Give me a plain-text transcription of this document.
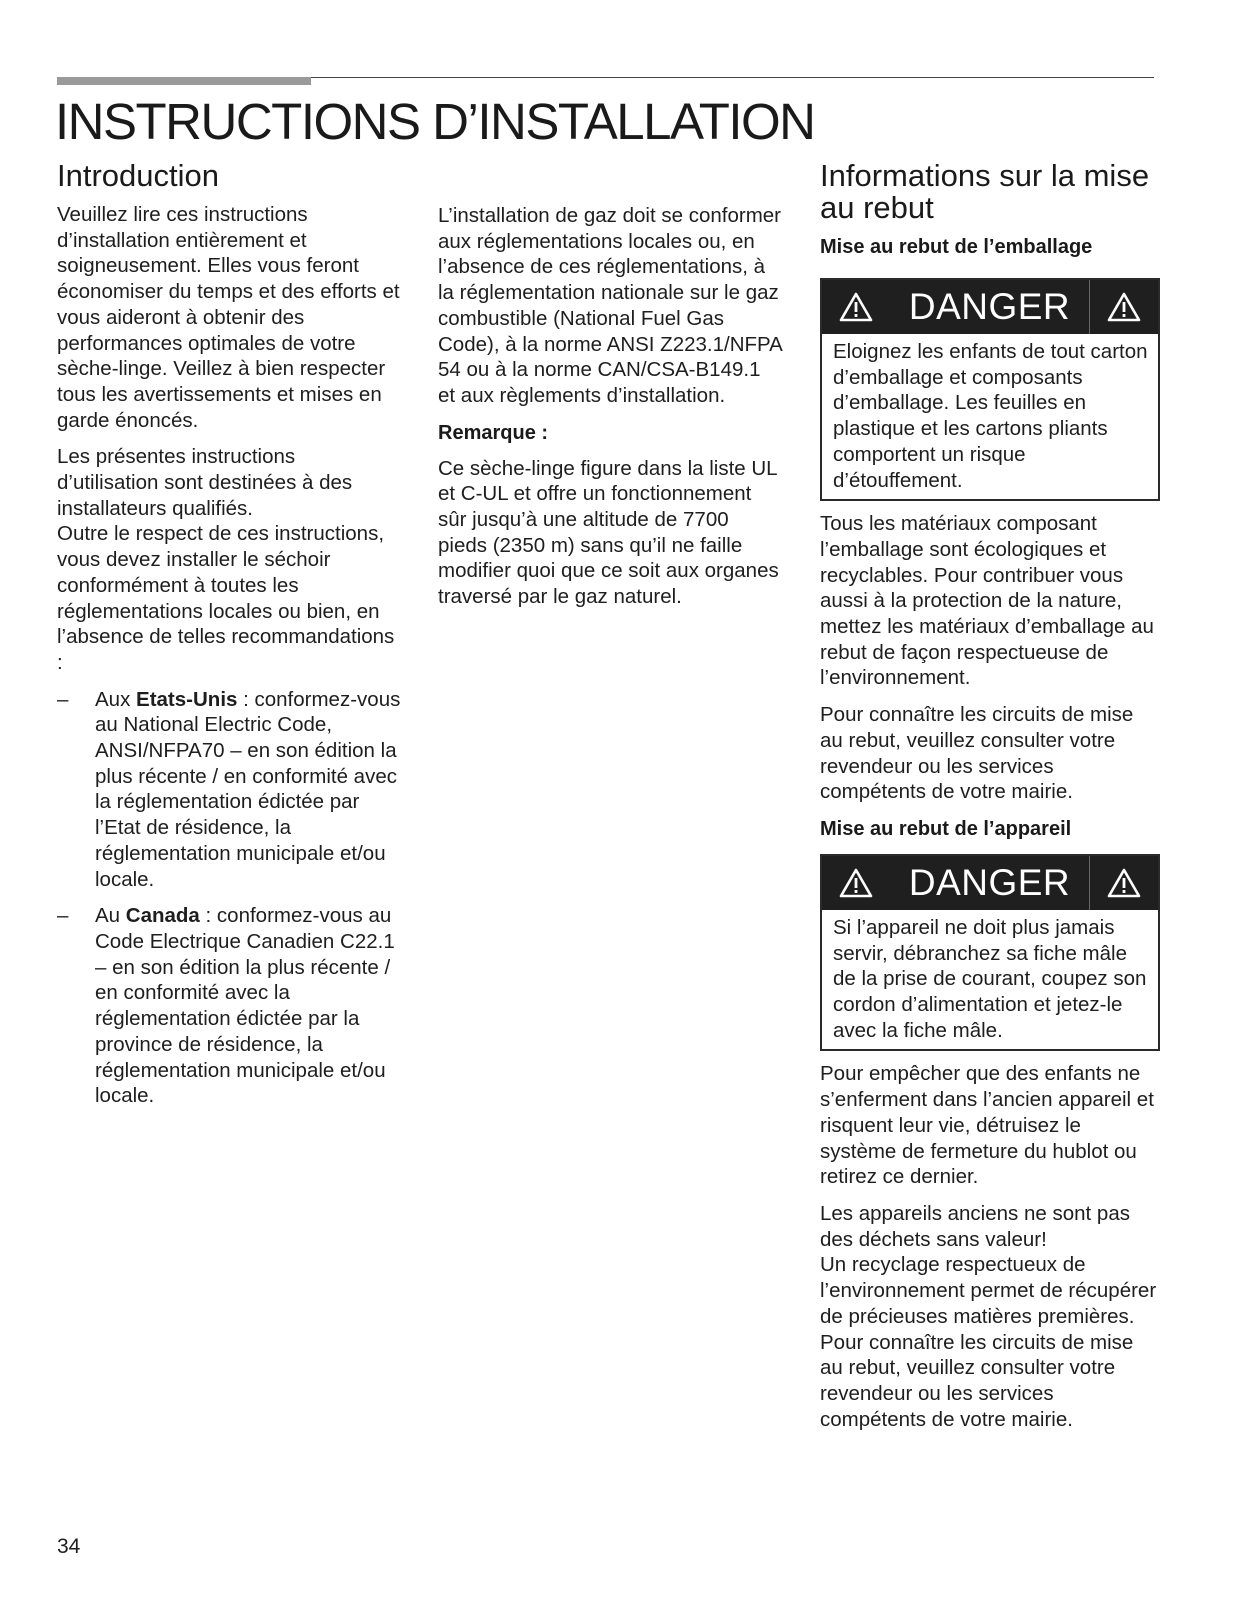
INSTRUCTIONS D’INSTALLATION
Introduction

Veuillez lire ces instructions d’installation entièrement et soigneusement. Elles vous feront économiser du temps et des efforts et vous aideront à obtenir des performances optimales de votre sèche-linge. Veillez à bien respecter tous les avertissements et mises en garde énoncés.

Les présentes instructions d’utilisation sont destinées à des installateurs qualifiés.

Outre le respect de ces instructions, vous devez installer le séchoir conformément à toutes les réglementations locales ou bien, en l’absence de telles recommandations :

– Aux Etats-Unis : conformez-vous au National Electric Code, ANSI/NFPA70 – en son édition la plus récente / en conformité avec la réglementation édictée par l’Etat de résidence, la réglementation municipale et/ou locale.
– Au Canada : conformez-vous au Code Electrique Canadien C22.1 – en son édition la plus récente / en conformité avec la réglementation édictée par la province de résidence, la réglementation municipale et/ou locale.

L’installation de gaz doit se conformer aux réglementations locales ou, en l’absence de ces réglementations, à la réglementation nationale sur le gaz combustible (National Fuel Gas Code), à la norme ANSI Z223.1/NFPA 54 ou à la norme CAN/CSA-B149.1 et aux règlements d’installation.

Remarque :

Ce sèche-linge figure dans la liste UL et C-UL et offre un fonctionnement sûr jusqu’à une altitude de 7700 pieds (2350 m) sans qu’il ne faille modifier quoi que ce soit aux organes traversé par le gaz naturel.

Informations sur la mise au rebut
Mise au rebut de l’emballage
DANGER

Eloignez les enfants de tout carton d’emballage et composants d’emballage. Les feuilles en plastique et les cartons pliants comportent un risque d’étouffement.

Tous les matériaux composant l’emballage sont écologiques et recyclables. Pour contribuer vous aussi à la protection de la nature, mettez les matériaux d’emballage au rebut de façon respectueuse de l’environnement.

Pour connaître les circuits de mise au rebut, veuillez consulter votre revendeur ou les services compétents de votre mairie.

Mise au rebut de l’appareil
DANGER

Si l’appareil ne doit plus jamais servir, débranchez sa fiche mâle de la prise de courant, coupez son cordon d’alimentation et jetez-le avec la fiche mâle.

Pour empêcher que des enfants ne s’enferment dans l’ancien appareil et risquent leur vie, détruisez le système de fermeture du hublot ou retirez ce dernier.

Les appareils anciens ne sont pas des déchets sans valeur!

Un recyclage respectueux de l’environnement permet de récupérer de précieuses matières premières.

Pour connaître les circuits de mise au rebut, veuillez consulter votre revendeur ou les services compétents de votre mairie.

34
